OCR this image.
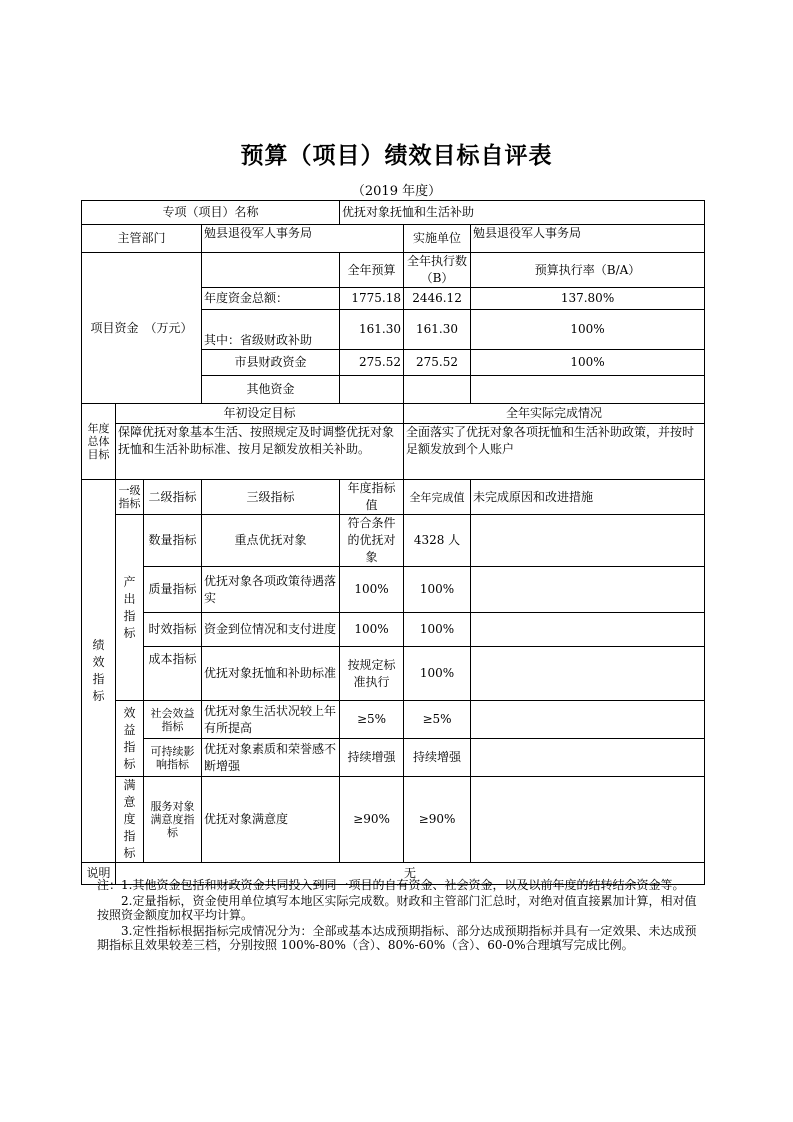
预算（项目）绩效目标自评表
（2019 年度）
专项（项目）名称				优抚对象抚恤和生活补助		
主管部门			勉县退役军人事务局		实施单位	勉县退役军人事务局
项目资金　（万元）				全年预算	全年执行数（B）	预算执行率（B/A）
			年度资金总额：	1775.18	2446.12	137.80%
			其中：省级财政补助	161.30	161.30	100%
			市县财政资金	275.52	275.52	100%
			其他资金			
年度总体目标	年初设定目标				全年实际完成情况	
	保障优抚对象基本生活、按照规定及时调整优抚对象抚恤和生活补助标准、按月足额发放相关补助。				全面落实了优抚对象各项抚恤和生活补助政策，并按时足额发放到个人账户	
绩效指标	一级指标	二级指标	三级指标	年度指标值	全年完成值	未完成原因和改进措施
	产出指标	数量指标	重点优抚对象	符合条件的优抚对象	4328 人	
		质量指标	优抚对象各项政策待遇落实	100%	100%	
		时效指标	资金到位情况和支付进度	100%	100%	
		成本指标	优抚对象抚恤和补助标准	按规定标准执行	100%	
	效益指标	社会效益指标	优抚对象生活状况较上年有所提高	≥5%	≥5%	
		可持续影响指标	优抚对象素质和荣誉感不断增强	持续增强	持续增强	
	满意度指标	服务对象满意度指标	优抚对象满意度	≥90%	≥90%	
说明	无					

注：1.其他资金包括和财政资金共同投入到同一项目的自有资金、社会资金，以及以前年度的结转结余资金等。

2.定量指标，资金使用单位填写本地区实际完成数。财政和主管部门汇总时，对绝对值直接累加计算，相对值按照资金额度加权平均计算。

3.定性指标根据指标完成情况分为：全部或基本达成预期指标、部分达成预期指标并具有一定效果、未达成预期指标且效果较差三档，分别按照 100%-80%（含）、80%-60%（含）、60-0%合理填写完成比例。
